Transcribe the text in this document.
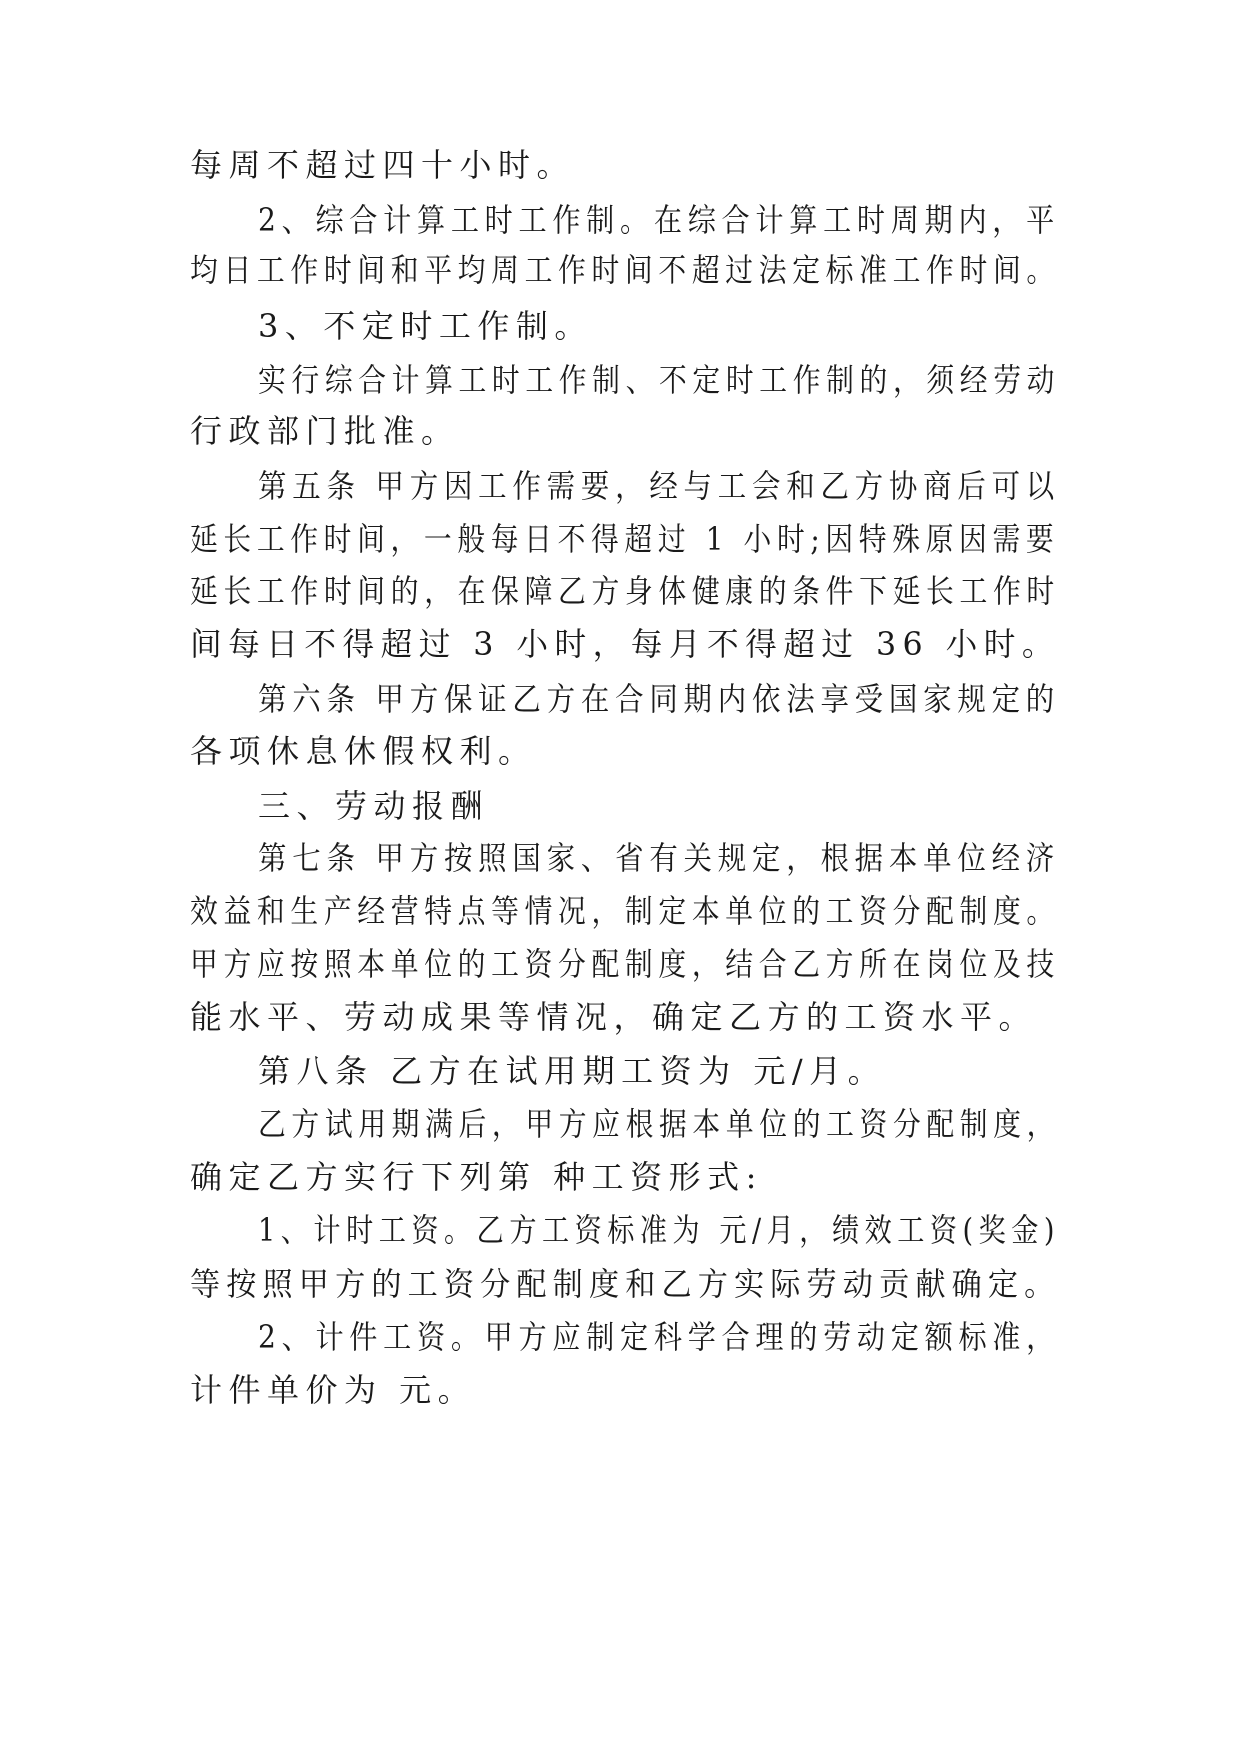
每周不超过四十小时。
2、综合计算工时工作制。在综合计算工时周期内，平
均日工作时间和平均周工作时间不超过法定标准工作时间。
3、不定时工作制。
实行综合计算工时工作制、不定时工作制的，须经劳动
行政部门批准。
第五条 甲方因工作需要，经与工会和乙方协商后可以
延长工作时间，一般每日不得超过 1 小时;因特殊原因需要
延长工作时间的，在保障乙方身体健康的条件下延长工作时
间每日不得超过 3 小时，每月不得超过 36 小时。
第六条 甲方保证乙方在合同期内依法享受国家规定的
各项休息休假权利。
三、劳动报酬
第七条 甲方按照国家、省有关规定，根据本单位经济
效益和生产经营特点等情况，制定本单位的工资分配制度。
甲方应按照本单位的工资分配制度，结合乙方所在岗位及技
能水平、劳动成果等情况，确定乙方的工资水平。
第八条 乙方在试用期工资为 元/月。
乙方试用期满后，甲方应根据本单位的工资分配制度，
确定乙方实行下列第 种工资形式:
1、计时工资。乙方工资标准为 元/月，绩效工资(奖金)
等按照甲方的工资分配制度和乙方实际劳动贡献确定。
2、计件工资。甲方应制定科学合理的劳动定额标准，
计件单价为 元。
